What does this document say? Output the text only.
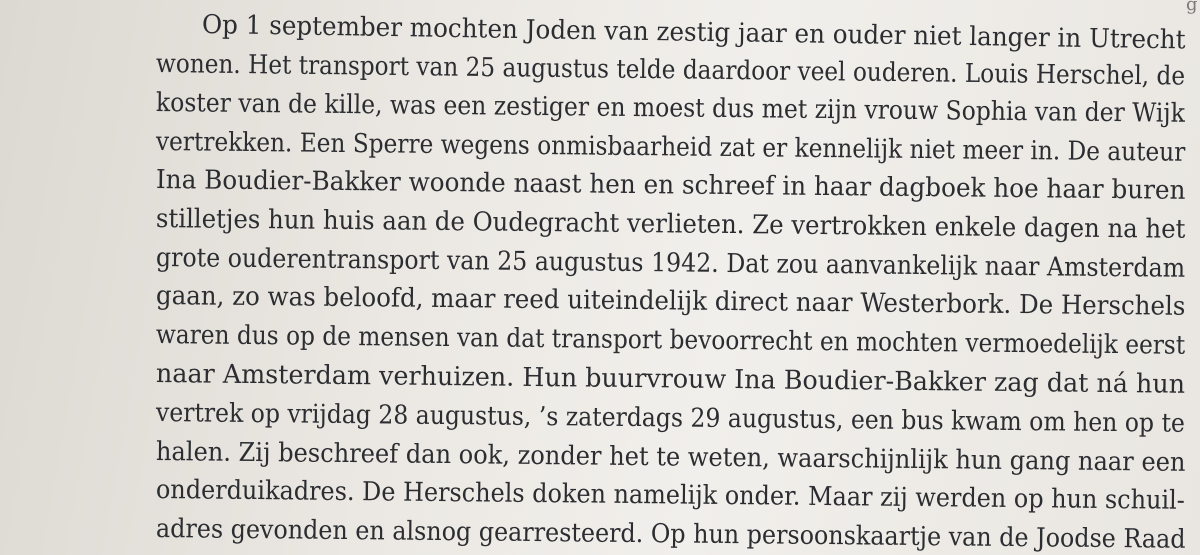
g
Op 1 september mochten Joden van zestig jaar en ouder niet langer in Utrecht
wonen. Het transport van 25 augustus telde daardoor veel ouderen. Louis Herschel, de
koster van de kille, was een zestiger en moest dus met zijn vrouw Sophia van der Wijk
vertrekken. Een Sperre wegens onmisbaarheid zat er kennelijk niet meer in. De auteur
Ina Boudier-Bakker woonde naast hen en schreef in haar dagboek hoe haar buren
stilletjes hun huis aan de Oudegracht verlieten. Ze vertrokken enkele dagen na het
grote ouderentransport van 25 augustus 1942. Dat zou aanvankelijk naar Amsterdam
gaan, zo was beloofd, maar reed uiteindelijk direct naar Westerbork. De Herschels
waren dus op de mensen van dat transport bevoorrecht en mochten vermoedelijk eerst
naar Amsterdam verhuizen. Hun buurvrouw Ina Boudier-Bakker zag dat ná hun
vertrek op vrijdag 28 augustus, ’s zaterdags 29 augustus, een bus kwam om hen op te
halen. Zij beschreef dan ook, zonder het te weten, waarschijnlijk hun gang naar een
onderduikadres. De Herschels doken namelijk onder. Maar zij werden op hun schuil-
adres gevonden en alsnog gearresteerd. Op hun persoonskaartje van de Joodse Raad
